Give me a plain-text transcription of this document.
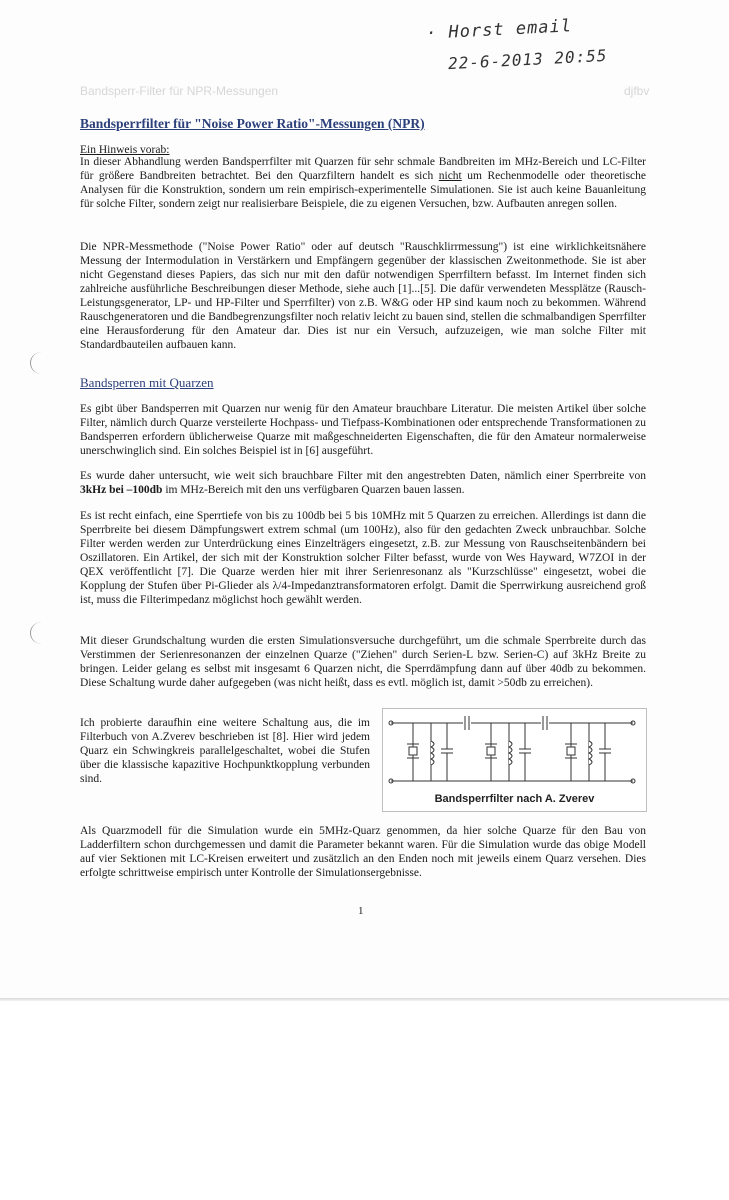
· Horst email
22-6-2013 20:55
Bandsperr-Filter für NPR-Messungen	djfbv
Bandsperrfilter für "Noise Power Ratio"-Messungen (NPR)
Ein Hinweis vorab:

In dieser Abhandlung werden Bandsperrfilter mit Quarzen für sehr schmale Bandbreiten im MHz-Bereich und LC-Filter für größere Bandbreiten betrachtet. Bei den Quarzfiltern handelt es sich nicht um Rechenmodelle oder theoretische Analysen für die Konstruktion, sondern um rein empirisch-experimentelle Simulationen. Sie ist auch keine Bauanleitung für solche Filter, sondern zeigt nur realisierbare Beispiele, die zu eigenen Versuchen, bzw. Aufbauten anregen sollen.

Die NPR-Messmethode ("Noise Power Ratio" oder auf deutsch "Rauschklirrmessung") ist eine wirklichkeitsnähere Messung der Intermodulation in Verstärkern und Empfängern gegenüber der klassischen Zweitonmethode. Sie ist aber nicht Gegenstand dieses Papiers, das sich nur mit den dafür notwendigen Sperrfiltern befasst. Im Internet finden sich zahlreiche ausführliche Beschreibungen dieser Methode, siehe auch [1]...[5]. Die dafür verwendeten Messplätze (Rausch-Leistungsgenerator, LP- und HP-Filter und Sperrfilter) von z.B. W&G oder HP sind kaum noch zu bekommen. Während Rauschgeneratoren und die Bandbegrenzungsfilter noch relativ leicht zu bauen sind, stellen die schmalbandigen Sperrfilter eine Herausforderung für den Amateur dar. Dies ist nur ein Versuch, aufzuzeigen, wie man solche Filter mit Standardbauteilen aufbauen kann.

Bandsperren mit Quarzen

Es gibt über Bandsperren mit Quarzen nur wenig für den Amateur brauchbare Literatur. Die meisten Artikel über solche Filter, nämlich durch Quarze versteilerte Hochpass- und Tiefpass-Kombinationen oder entsprechende Transformationen zu Bandsperren erfordern üblicherweise Quarze mit maßgeschneiderten Eigenschaften, die für den Amateur normalerweise unerschwinglich sind. Ein solches Beispiel ist in [6] ausgeführt.

Es wurde daher untersucht, wie weit sich brauchbare Filter mit den angestrebten Daten, nämlich einer Sperrbreite von 3kHz bei –100db im MHz-Bereich mit den uns verfügbaren Quarzen bauen lassen.

Es ist recht einfach, eine Sperrtiefe von bis zu 100db bei 5 bis 10MHz mit 5 Quarzen zu erreichen. Allerdings ist dann die Sperrbreite bei diesem Dämpfungswert extrem schmal (um 100Hz), also für den gedachten Zweck unbrauchbar. Solche Filter werden werden zur Unterdrückung eines Einzelträgers eingesetzt, z.B. zur Messung von Rauschseitenbändern bei Oszillatoren. Ein Artikel, der sich mit der Konstruktion solcher Filter befasst, wurde von Wes Hayward, W7ZOI in der QEX veröffentlicht [7]. Die Quarze werden hier mit ihrer Serienresonanz als "Kurzschlüsse" eingesetzt, wobei die Kopplung der Stufen über Pi-Glieder als λ/4-Impedanztransformatoren erfolgt. Damit die Sperrwirkung ausreichend groß ist, muss die Filterimpedanz möglichst hoch gewählt werden.

Mit dieser Grundschaltung wurden die ersten Simulationsversuche durchgeführt, um die schmale Sperrbreite durch das Verstimmen der Serienresonanzen der einzelnen Quarze ("Ziehen" durch Serien-L bzw. Serien-C) auf 3kHz Breite zu bringen. Leider gelang es selbst mit insgesamt 6 Quarzen nicht, die Sperrdämpfung dann auf über 40db zu bekommen. Diese Schaltung wurde daher aufgegeben (was nicht heißt, dass es evtl. möglich ist, damit >50db zu erreichen).

Ich probierte daraufhin eine weitere Schaltung aus, die im Filterbuch von A.Zverev beschrieben ist [8]. Hier wird jedem Quarz ein Schwingkreis parallelgeschaltet, wobei die Stufen über die klassische kapazitive Hochpunktkopplung verbunden sind.

Bandsperrfilter nach A. Zverev

Als Quarzmodell für die Simulation wurde ein 5MHz-Quarz genommen, da hier solche Quarze für den Bau von Ladderfiltern schon durchgemessen und damit die Parameter bekannt waren. Für die Simulation wurde das obige Modell auf vier Sektionen mit LC-Kreisen erweitert und zusätzlich an den Enden noch mit jeweils einem Quarz versehen. Dies erfolgte schrittweise empirisch unter Kontrolle der Simulationsergebnisse.

1
